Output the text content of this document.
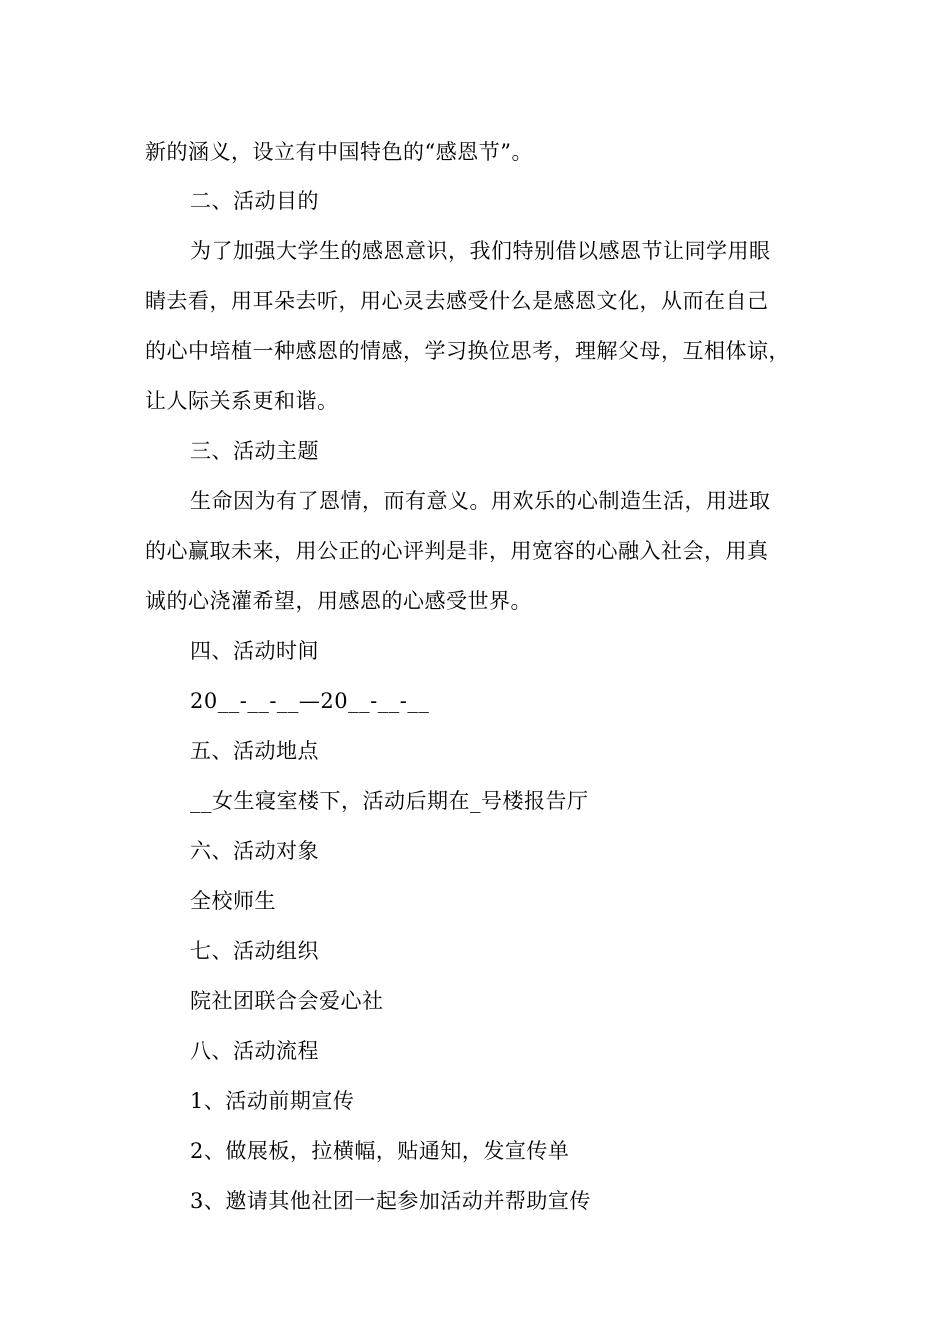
新的涵义，设立有中国特色的“感恩节”。
二、活动目的
为了加强大学生的感恩意识，我们特别借以感恩节让同学用眼
睛去看，用耳朵去听，用心灵去感受什么是感恩文化，从而在自己
的心中培植一种感恩的情感，学习换位思考，理解父母，互相体谅，
让人际关系更和谐。
三、活动主题
生命因为有了恩情，而有意义。用欢乐的心制造生活，用进取
的心赢取未来，用公正的心评判是非，用宽容的心融入社会，用真
诚的心浇灌希望，用感恩的心感受世界。
四、活动时间
20__-__-__—20__-__-__
五、活动地点
__女生寝室楼下，活动后期在_号楼报告厅
六、活动对象
全校师生
七、活动组织
院社团联合会爱心社
八、活动流程
1、活动前期宣传
2、做展板，拉横幅，贴通知，发宣传单
3、邀请其他社团一起参加活动并帮助宣传
